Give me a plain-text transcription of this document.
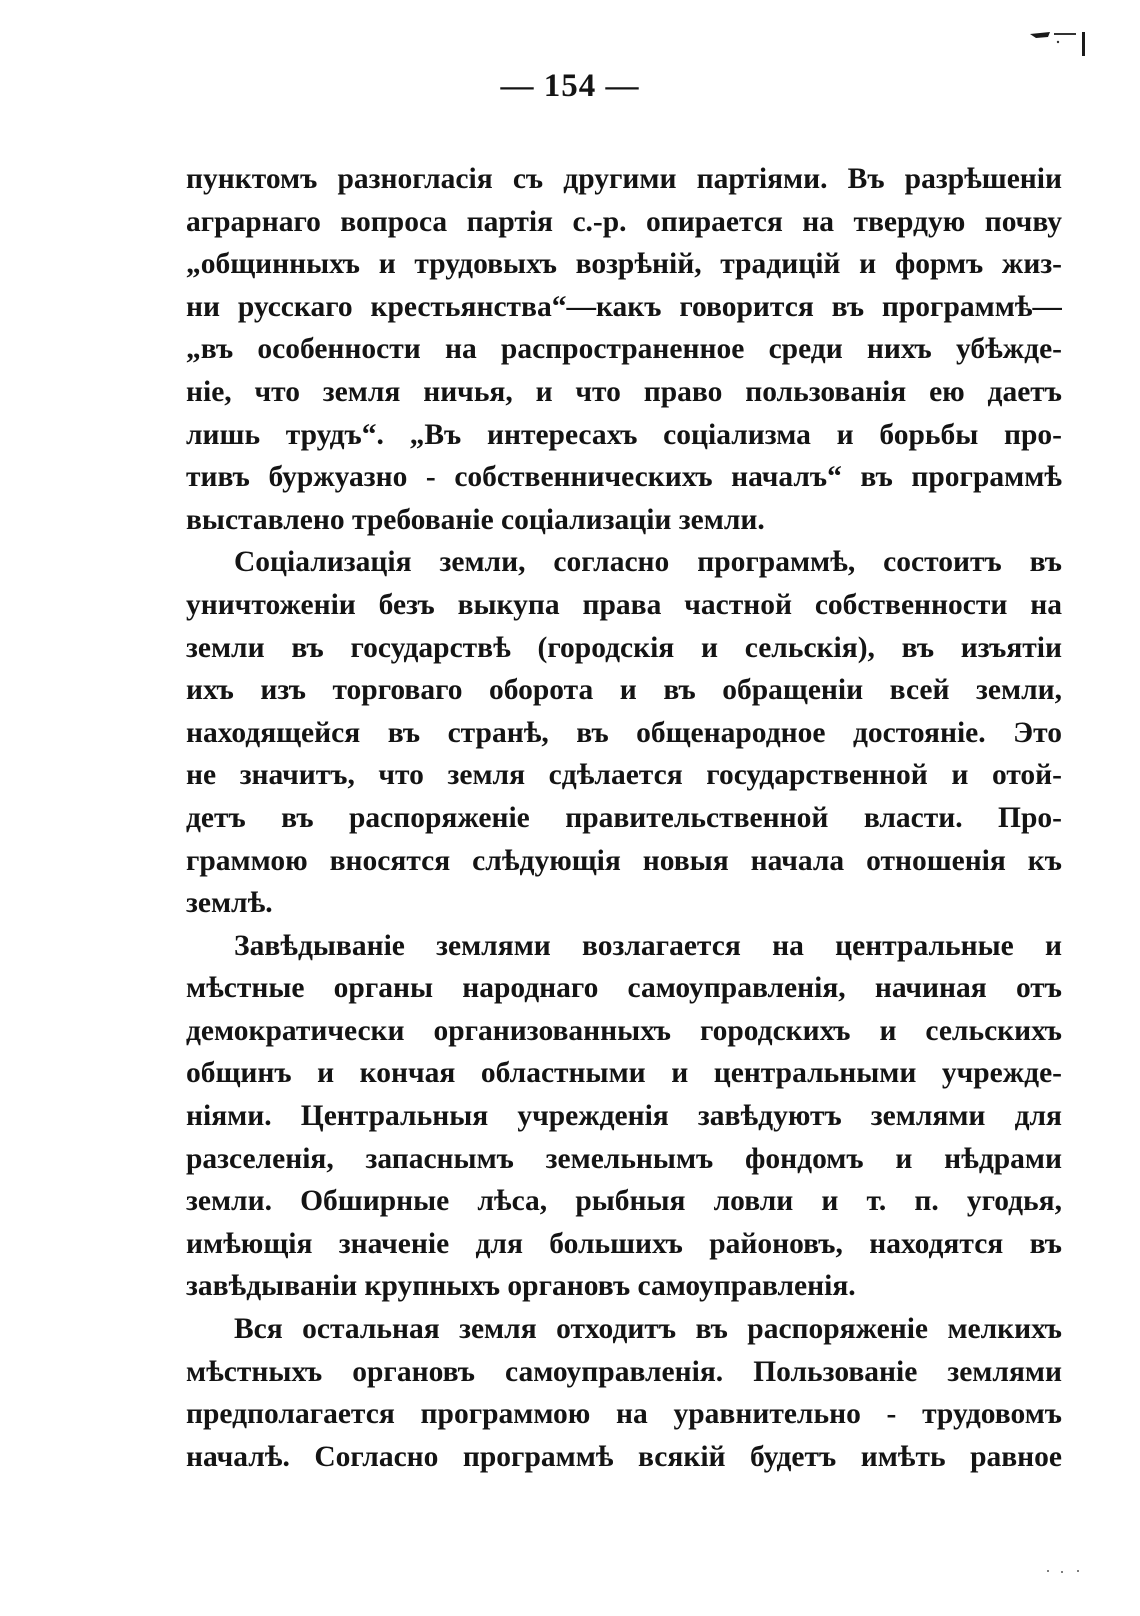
— 154 —
пунктомъ разногласія съ другими партіями. Въ разрѣшеніи
аграрнаго вопроса партія с.-р. опирается на твердую почву
„общинныхъ и трудовыхъ возрѣній, традицій и формъ жиз-
ни русскаго крестьянства“—какъ говорится въ программѣ—
„въ особенности на распространенное среди нихъ убѣжде-
ніе, что земля ничья, и что право пользованія ею даетъ
лишь трудъ“. „Въ интересахъ соціализма и борьбы про-
тивъ буржуазно - собственническихъ началъ“ въ программѣ
выставлено требованіе соціализаціи земли.
Соціализація земли, согласно программѣ, состоитъ въ
уничтоженіи безъ выкупа права частной собственности на
земли въ государствѣ (городскія и сельскія), въ изъятіи
ихъ изъ торговаго оборота и въ обращеніи всей земли,
находящейся въ странѣ, въ общенародное достояніе. Это
не значитъ, что земля сдѣлается государственной и отой-
детъ въ распоряженіе правительственной власти. Про-
граммою вносятся слѣдующія новыя начала отношенія къ
землѣ.
Завѣдываніе землями возлагается на центральные и
мѣстные органы народнаго самоуправленія, начиная отъ
демократически организованныхъ городскихъ и сельскихъ
общинъ и кончая областными и центральными учрежде-
ніями. Центральныя учрежденія завѣдуютъ землями для
разселенія, запаснымъ земельнымъ фондомъ и нѣдрами
земли. Обширные лѣса, рыбныя ловли и т. п. угодья,
имѣющія значеніе для большихъ районовъ, находятся въ
завѣдываніи крупныхъ органовъ самоуправленія.
Вся остальная земля отходитъ въ распоряженіе мелкихъ
мѣстныхъ органовъ самоуправленія. Пользованіе землями
предполагается программою на уравнительно - трудовомъ
началѣ. Согласно программѣ всякій будетъ имѣть равное
